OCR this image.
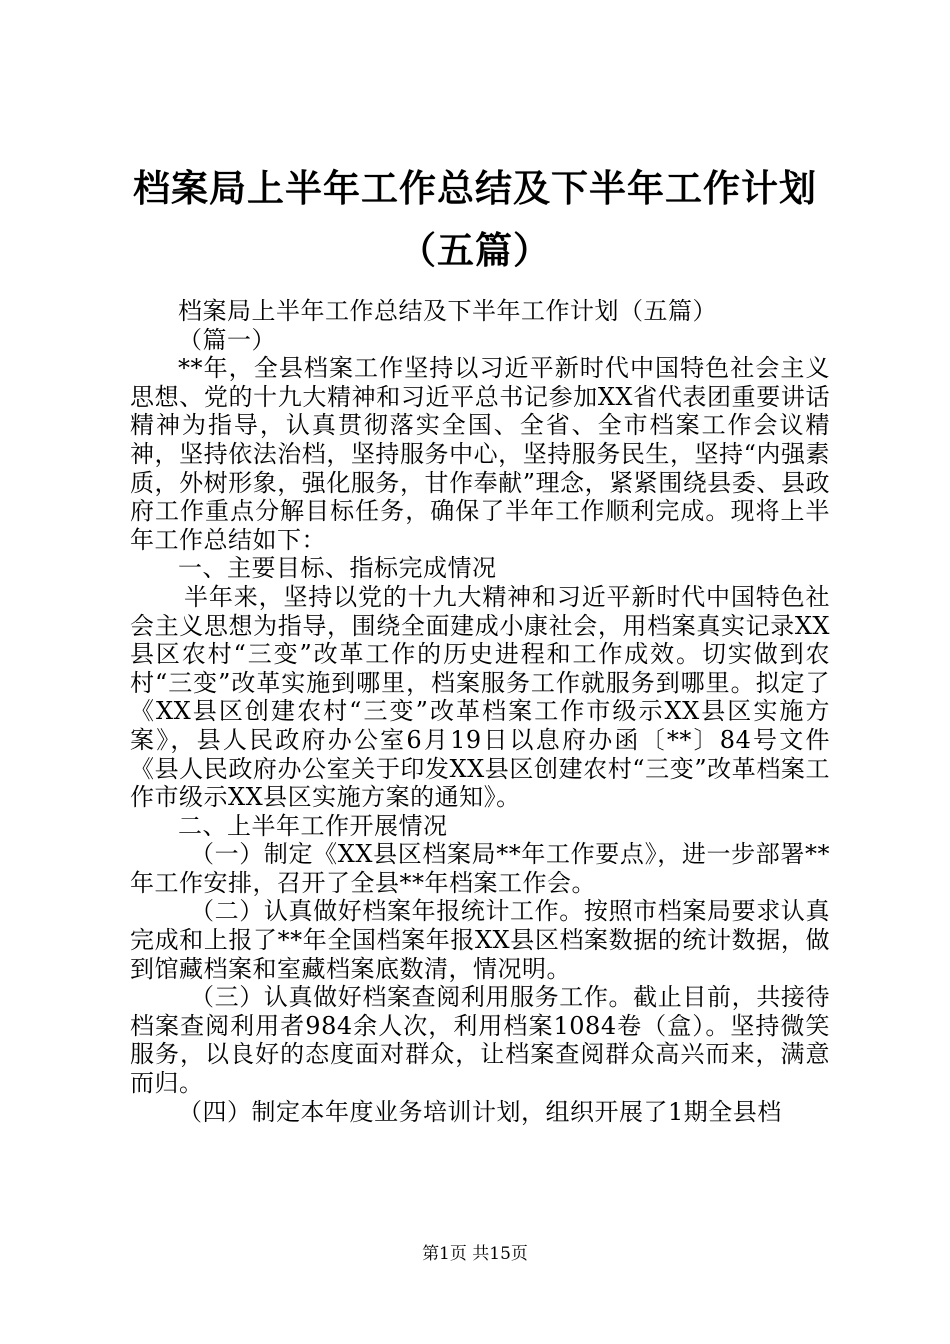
档案局上半年工作总结及下半年工作计划（五篇）

档案局上半年工作总结及下半年工作计划（五篇）

（篇一）

**年，全县档案工作坚持以习近平新时代中国特色社会主义思想、党的十九大精神和习近平总书记参加XX省代表团重要讲话精神为指导，认真贯彻落实全国、全省、全市档案工作会议精神，坚持依法治档，坚持服务中心，坚持服务民生，坚持“内强素质，外树形象，强化服务，甘作奉献”理念，紧紧围绕县委、县政府工作重点分解目标任务，确保了半年工作顺利完成。现将上半年工作总结如下：

一、主要目标、指标完成情况

半年来，坚持以党的十九大精神和习近平新时代中国特色社会主义思想为指导，围绕全面建成小康社会，用档案真实记录XX县区农村“三变”改革工作的历史进程和工作成效。切实做到农村“三变”改革实施到哪里，档案服务工作就服务到哪里。拟定了《XX县区创建农村“三变”改革档案工作市级示XX县区实施方案》，县人民政府办公室6月19日以息府办函〔**〕84号文件《县人民政府办公室关于印发XX县区创建农村“三变”改革档案工作市级示XX县区实施方案的通知》。

二、上半年工作开展情况

（一）制定《XX县区档案局**年工作要点》，进一步部署**年工作安排，召开了全县**年档案工作会。

（二）认真做好档案年报统计工作。按照市档案局要求认真完成和上报了**年全国档案年报XX县区档案数据的统计数据，做到馆藏档案和室藏档案底数清，情况明。

（三）认真做好档案查阅利用服务工作。截止目前，共接待档案查阅利用者984余人次，利用档案1084卷（盒）。坚持微笑服务，以良好的态度面对群众，让档案查阅群众高兴而来，满意而归。

（四）制定本年度业务培训计划，组织开展了1期全县档

第1页 共15页
